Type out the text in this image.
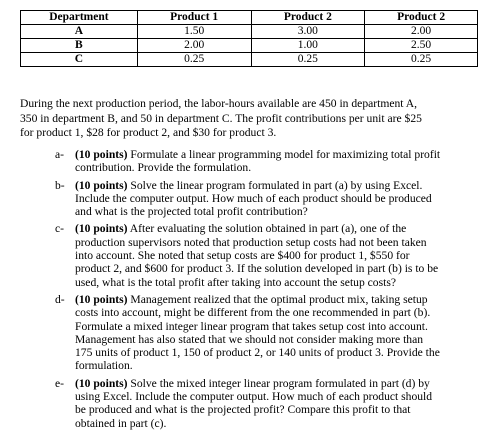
Department	Product 1	Product 2	Product 2
A	1.50	3.00	2.00
B	2.00	1.00	2.50
C	0.25	0.25	0.25

During the next production period, the labor-hours available are 450 in department A,

350 in department B, and 50 in department C. The profit contributions per unit are $25

for product 1, $28 for product 2, and $30 for product 3.

a- (10 points) Formulate a linear programming model for maximizing total profit

contribution. Provide the formulation.

b- (10 points) Solve the linear program formulated in part (a) by using Excel.

Include the computer output. How much of each product should be produced

and what is the projected total profit contribution?

c- (10 points) After evaluating the solution obtained in part (a), one of the

production supervisors noted that production setup costs had not been taken

into account. She noted that setup costs are $400 for product 1, $550 for

product 2, and $600 for product 3. If the solution developed in part (b) is to be

used, what is the total profit after taking into account the setup costs?

d- (10 points) Management realized that the optimal product mix, taking setup

costs into account, might be different from the one recommended in part (b).

Formulate a mixed integer linear program that takes setup cost into account.

Management has also stated that we should not consider making more than

175 units of product 1, 150 of product 2, or 140 units of product 3. Provide the

formulation.

e- (10 points) Solve the mixed integer linear program formulated in part (d) by

using Excel. Include the computer output. How much of each product should

be produced and what is the projected profit? Compare this profit to that

obtained in part (c).
